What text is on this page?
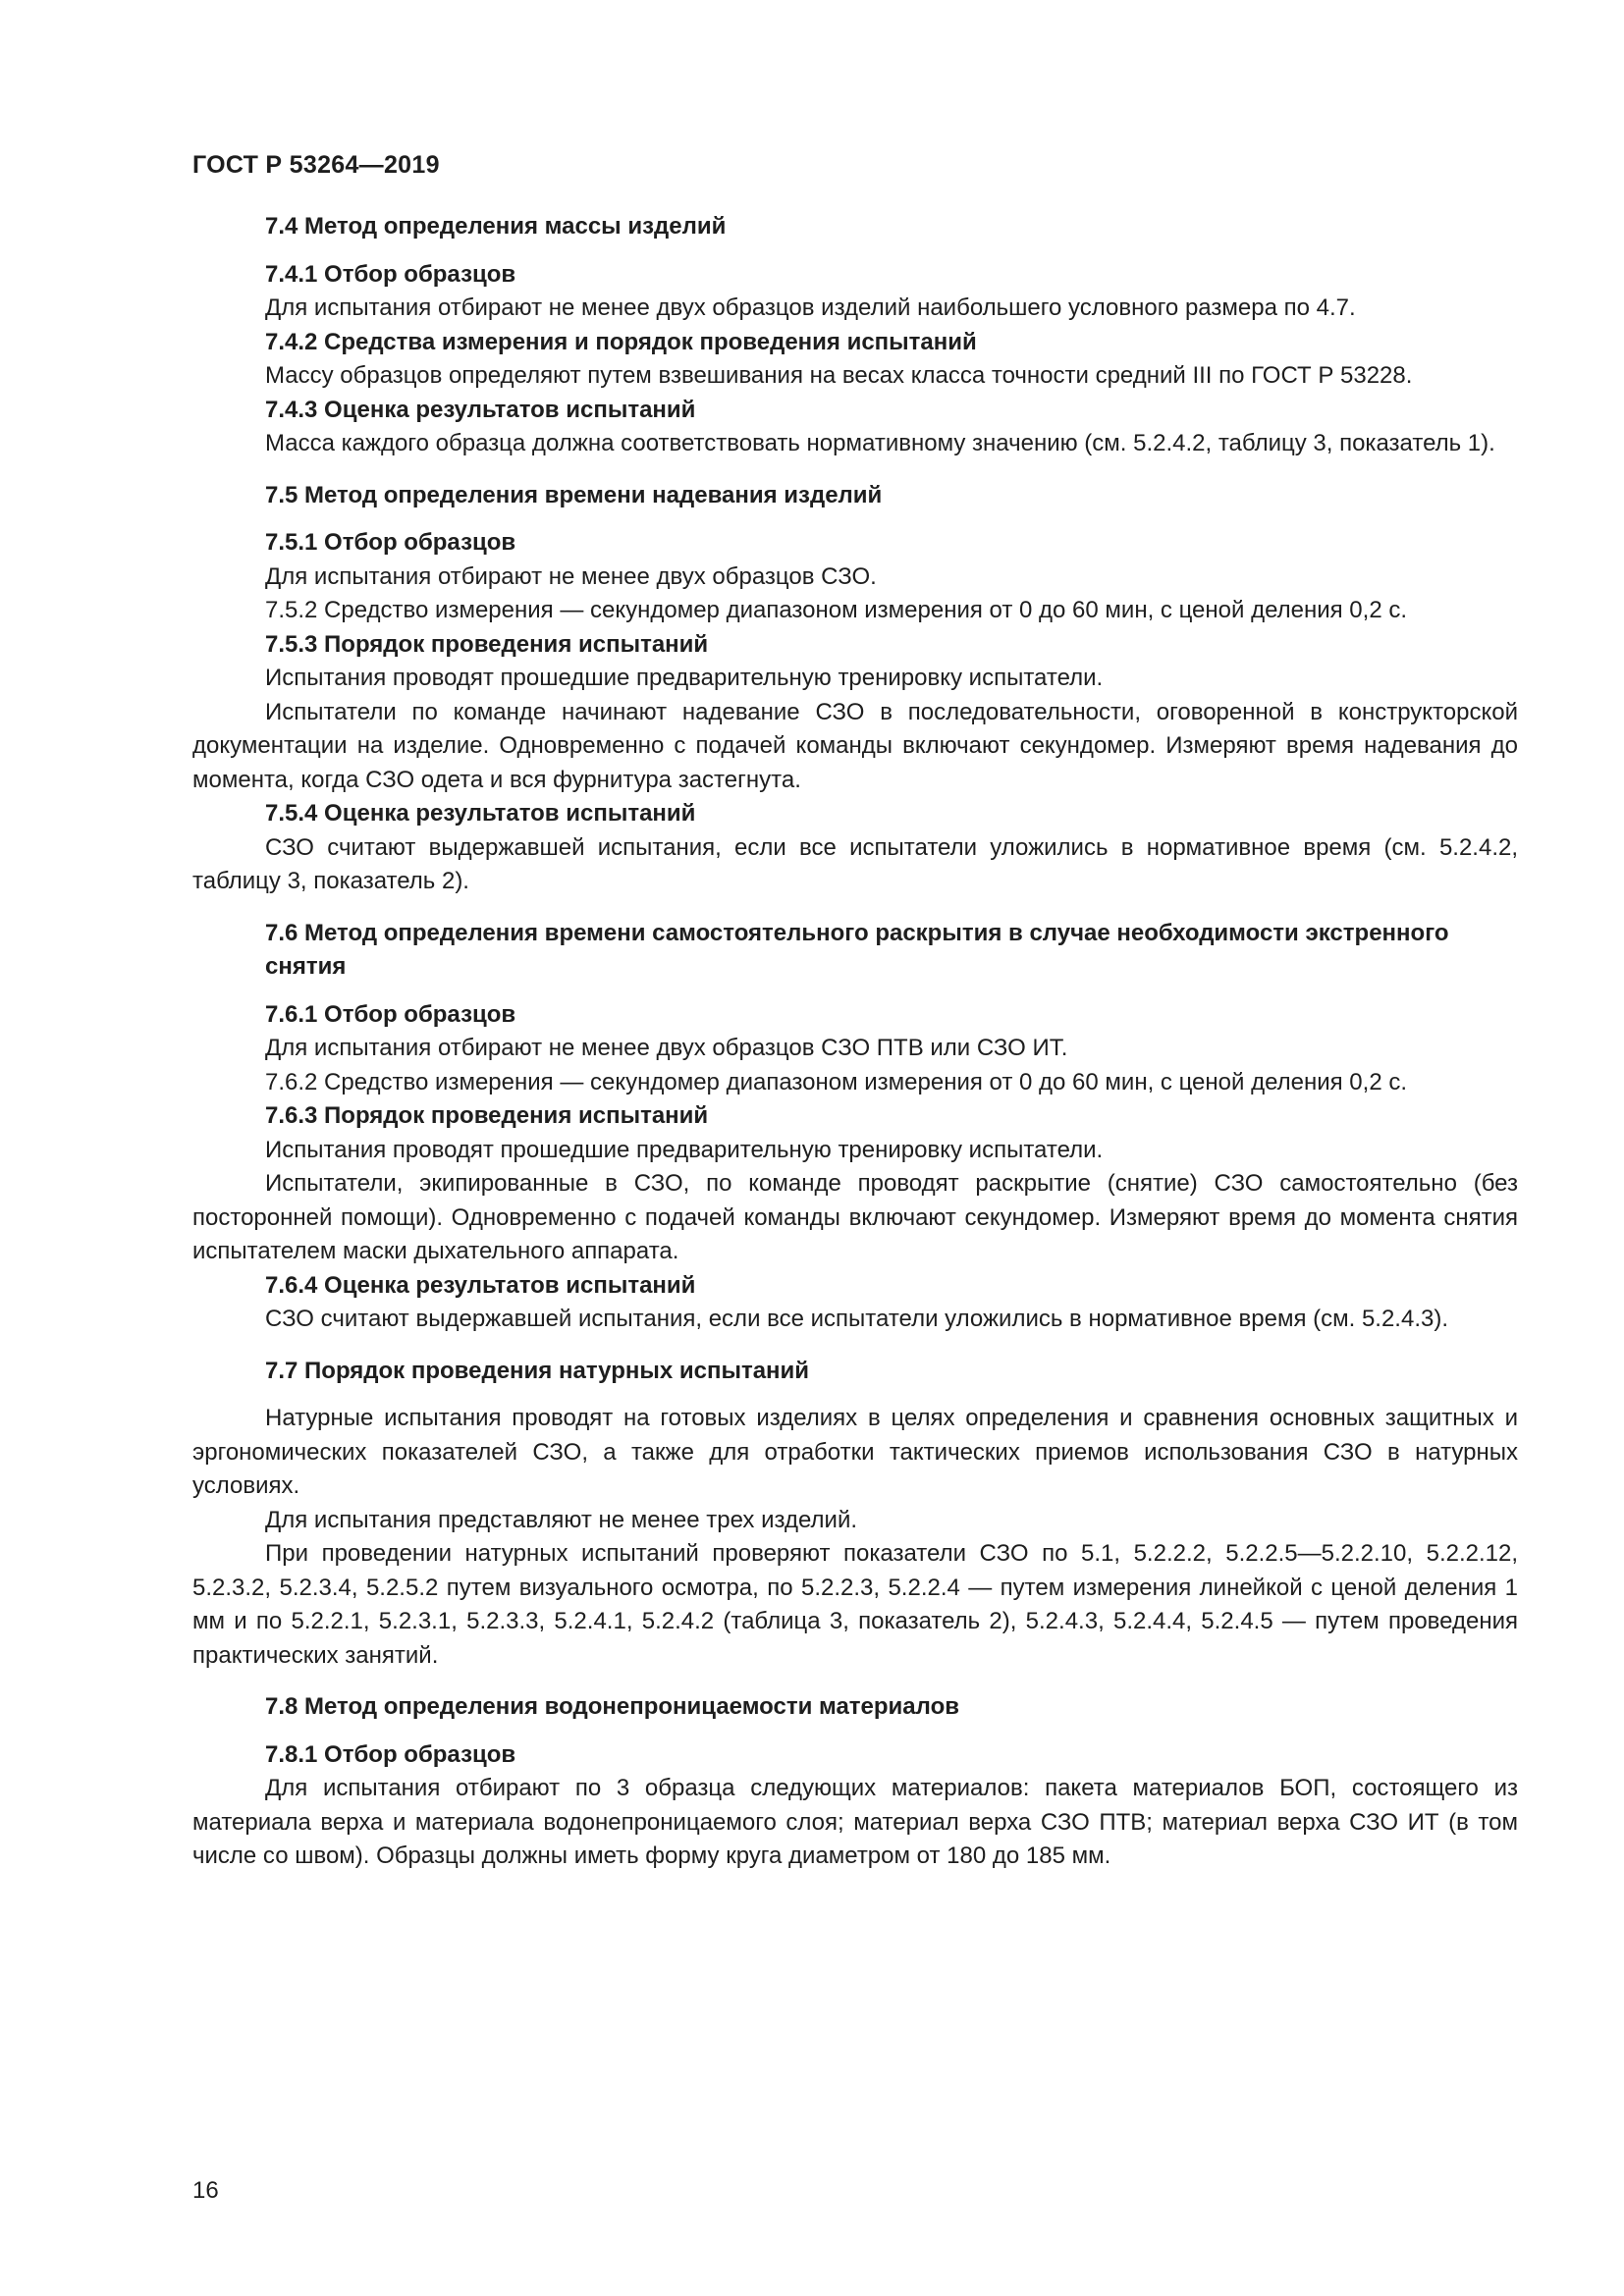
ГОСТ Р 53264—2019

7.4 Метод определения массы изделий

7.4.1 Отбор образцов

Для испытания отбирают не менее двух образцов изделий наибольшего условного размера по 4.7.

7.4.2 Средства измерения и порядок проведения испытаний

Массу образцов определяют путем взвешивания на весах класса точности средний III по ГОСТ Р 53228.

7.4.3 Оценка результатов испытаний

Масса каждого образца должна соответствовать нормативному значению (см. 5.2.4.2, таблицу 3, показатель 1).

7.5 Метод определения времени надевания изделий

7.5.1 Отбор образцов

Для испытания отбирают не менее двух образцов СЗО.

7.5.2 Средство измерения — секундомер диапазоном измерения от 0 до 60 мин, с ценой деления 0,2 с.

7.5.3 Порядок проведения испытаний

Испытания проводят прошедшие предварительную тренировку испытатели.

Испытатели по команде начинают надевание СЗО в последовательности, оговоренной в конструкторской документации на изделие. Одновременно с подачей команды включают секундомер. Измеряют время надевания до момента, когда СЗО одета и вся фурнитура застегнута.

7.5.4 Оценка результатов испытаний

СЗО считают выдержавшей испытания, если все испытатели уложились в нормативное время (см. 5.2.4.2, таблицу 3, показатель 2).

7.6 Метод определения времени самостоятельного раскрытия в случае необходимости экстренного снятия

7.6.1 Отбор образцов

Для испытания отбирают не менее двух образцов СЗО ПТВ или СЗО ИТ.

7.6.2 Средство измерения — секундомер диапазоном измерения от 0 до 60 мин, с ценой деления 0,2 с.

7.6.3 Порядок проведения испытаний

Испытания проводят прошедшие предварительную тренировку испытатели.

Испытатели, экипированные в СЗО, по команде проводят раскрытие (снятие) СЗО самостоятельно (без посторонней помощи). Одновременно с подачей команды включают секундомер. Измеряют время до момента снятия испытателем маски дыхательного аппарата.

7.6.4 Оценка результатов испытаний

СЗО считают выдержавшей испытания, если все испытатели уложились в нормативное время (см. 5.2.4.3).

7.7 Порядок проведения натурных испытаний

Натурные испытания проводят на готовых изделиях в целях определения и сравнения основных защитных и эргономических показателей СЗО, а также для отработки тактических приемов использования СЗО в натурных условиях.

Для испытания представляют не менее трех изделий.

При проведении натурных испытаний проверяют показатели СЗО по 5.1, 5.2.2.2, 5.2.2.5—5.2.2.10, 5.2.2.12, 5.2.3.2, 5.2.3.4, 5.2.5.2 путем визуального осмотра, по 5.2.2.3, 5.2.2.4 — путем измерения линейкой с ценой деления 1 мм и по 5.2.2.1, 5.2.3.1, 5.2.3.3, 5.2.4.1, 5.2.4.2 (таблица 3, показатель 2), 5.2.4.3, 5.2.4.4, 5.2.4.5 — путем проведения практических занятий.

7.8 Метод определения водонепроницаемости материалов

7.8.1 Отбор образцов

Для испытания отбирают по 3 образца следующих материалов: пакета материалов БОП, состоящего из материала верха и материала водонепроницаемого слоя; материал верха СЗО ПТВ; материал верха СЗО ИТ (в том числе со швом). Образцы должны иметь форму круга диаметром от 180 до 185 мм.

16
